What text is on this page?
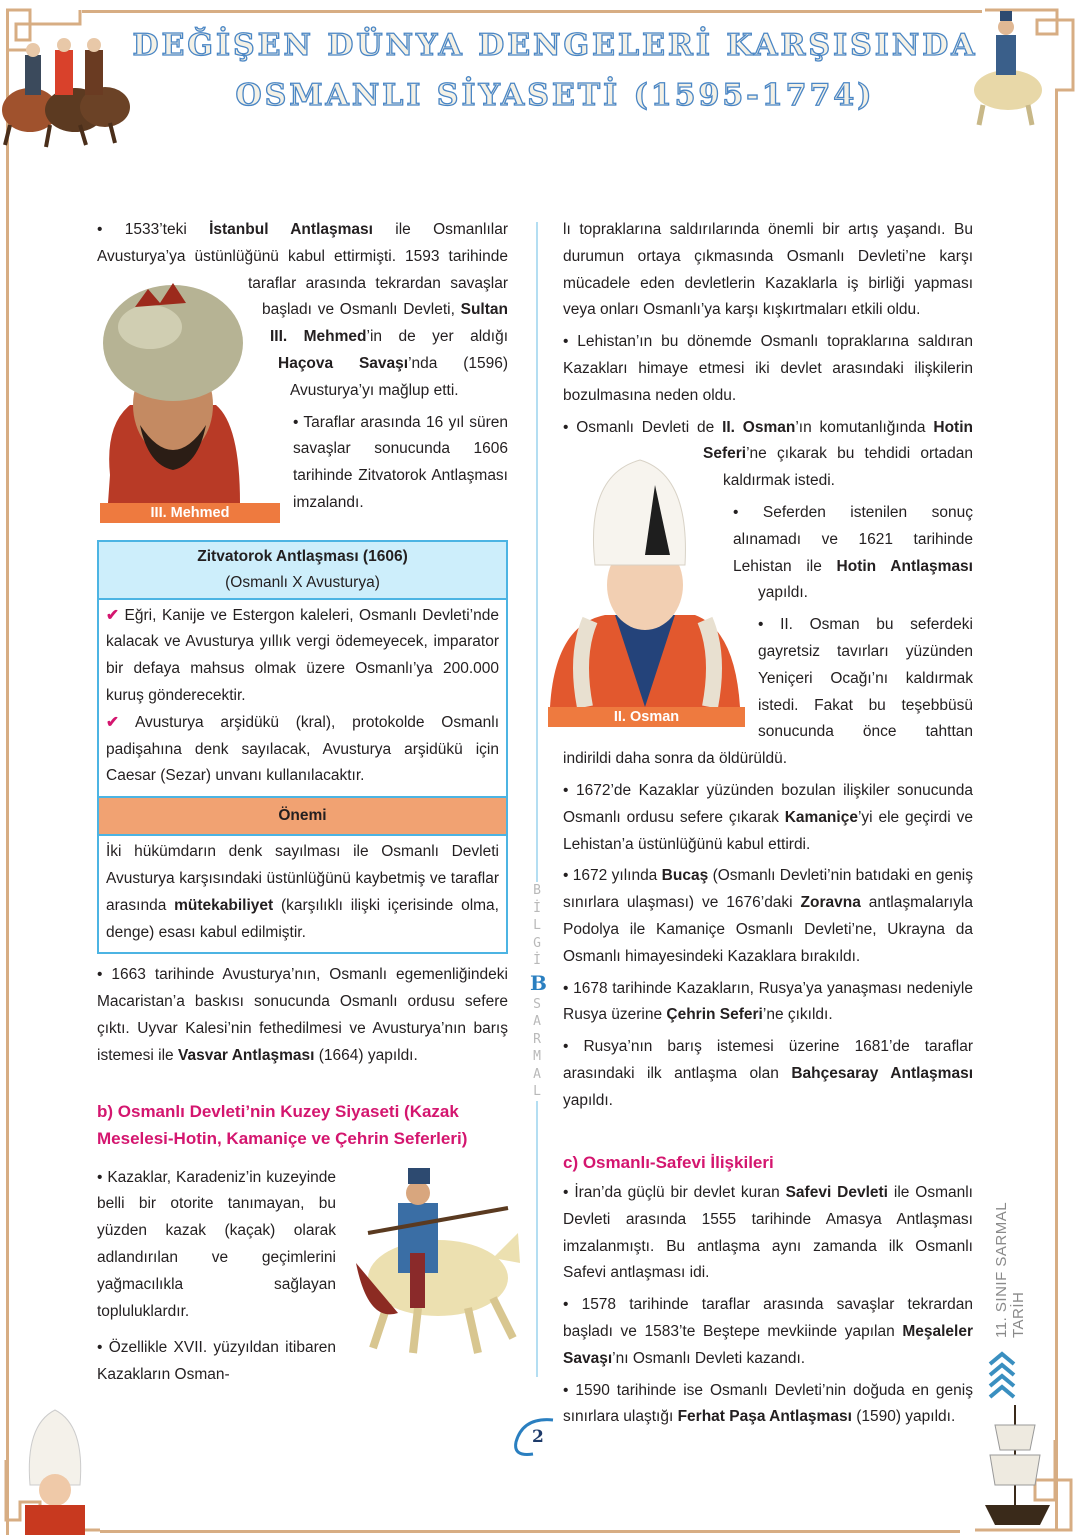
DEĞİŞEN DÜNYA DENGELERİ KARŞISINDA
OSMANLI SİYASETİ (1595-1774)
III. Mehmed
II. Osman
• 1533’teki İstanbul Antlaşması ile Osmanlılar Avusturya’ya üstünlüğünü kabul ettirmişti. 1593 tarihinde taraflar arasında tekrardan savaşlar başladı ve Osmanlı Devleti, Sultan III. Mehmed’in de yer aldığı Haçova Savaşı’nda (1596) Avusturya’yı mağlup etti.
• Taraflar arasında 16 yıl süren savaşlar sonucunda 1606 tarihinde Zitvatorok Antlaşması imzalandı.
Zitvatorok Antlaşması (1606)
(Osmanlı X Avusturya)
✔ Eğri, Kanije ve Estergon kaleleri, Osmanlı Devleti’nde kalacak ve Avusturya yıllık vergi ödemeyecek, imparator bir defaya mahsus olmak üzere Osmanlı’ya 200.000 kuruş gönderecektir.
✔ Avusturya arşidükü (kral), protokolde Osmanlı padişahına denk sayılacak, Avusturya arşidükü için Caesar (Sezar) unvanı kullanılacaktır.
Önemi
İki hükümdarın denk sayılması ile Osmanlı Devleti Avusturya karşısındaki üstünlüğünü kaybetmiş ve taraflar arasında mütekabiliyet (karşılıklı ilişki içerisinde olma, denge) esası kabul edilmiştir.
• 1663 tarihinde Avusturya’nın, Osmanlı egemenliğindeki Macaristan’a baskısı sonucunda Osmanlı ordusu sefere çıktı. Uyvar Kalesi’nin fethedilmesi ve Avusturya’nın barış istemesi ile Vasvar Antlaşması (1664) yapıldı.
b) Osmanlı Devleti’nin Kuzey Siyaseti (Kazak Meselesi-Hotin, Kamaniçe ve Çehrin Seferleri)
• Kazaklar, Karadeniz’in kuzeyinde belli bir otorite tanımayan, bu yüzden kazak (kaçak) olarak adlandırılan ve geçimlerini yağmacılıkla sağlayan topluluklardır.
• Özellikle XVII. yüzyıldan itibaren Kazakların Osman-
B
İ
L
G
İ
B
S
A
R
M
A
L
lı topraklarına saldırılarında önemli bir artış yaşandı. Bu durumun ortaya çıkmasında Osmanlı Devleti’ne karşı mücadele eden devletlerin Kazaklarla iş birliği yapması veya onları Osmanlı’ya karşı kışkırtmaları etkili oldu.
• Lehistan’ın bu dönemde Osmanlı topraklarına saldıran Kazakları himaye etmesi iki devlet arasındaki ilişkilerin bozulmasına neden oldu.
• Osmanlı Devleti de II. Osman’ın komutanlığında Hotin Seferi’ne çıkarak bu tehdidi ortadan kaldırmak istedi.
• Seferden istenilen sonuç alınamadı ve 1621 tarihinde Lehistan ile Hotin Antlaşması yapıldı.
• II. Osman bu seferdeki gayretsiz tavırları yüzünden Yeniçeri Ocağı’nı kaldırmak istedi. Fakat bu teşebbüsü sonucunda önce tahttan indirildi daha sonra da öldürüldü.
• 1672’de Kazaklar yüzünden bozulan ilişkiler sonucunda Osmanlı ordusu sefere çıkarak Kamaniçe’yi ele geçirdi ve Lehistan’a üstünlüğünü kabul ettirdi.
• 1672 yılında Bucaş (Osmanlı Devleti’nin batıdaki en geniş sınırlara ulaşması) ve 1676’daki Zoravna antlaşmalarıyla Podolya ile Kamaniçe Osmanlı Devleti’ne, Ukrayna da Osmanlı himayesindeki Kazaklara bırakıldı.
• 1678 tarihinde Kazakların, Rusya’ya yanaşması nedeniyle Rusya üzerine Çehrin Seferi’ne çıkıldı.
• Rusya’nın barış istemesi üzerine 1681’de taraflar arasındaki ilk antlaşma olan Bahçesaray Antlaşması yapıldı.
c) Osmanlı-Safevi İlişkileri
• İran’da güçlü bir devlet kuran Safevi Devleti ile Osmanlı Devleti arasında 1555 tarihinde Amasya Antlaşması imzalanmıştı. Bu antlaşma aynı zamanda ilk Osmanlı Safevi antlaşması idi.
• 1578 tarihinde taraflar arasında savaşlar tekrardan başladı ve 1583’te Beştepe mevkiinde yapılan Meşaleler Savaşı’nı Osmanlı Devleti kazandı.
• 1590 tarihinde ise Osmanlı Devleti’nin doğuda en geniş sınırlara ulaştığı Ferhat Paşa Antlaşması (1590) yapıldı.
11. SINIF SARMAL TARİH
2
